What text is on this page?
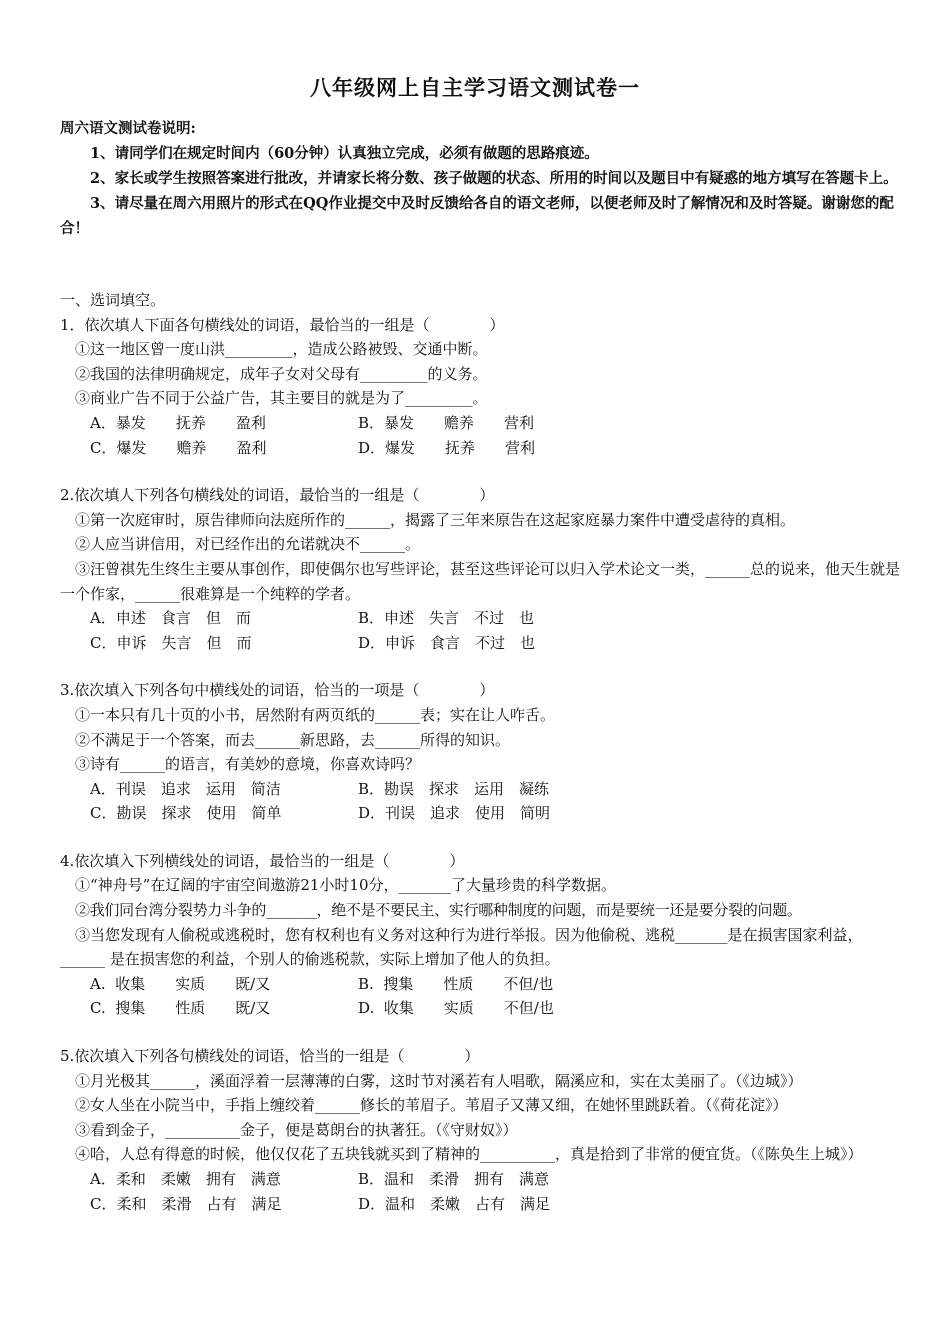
八年级网上自主学习语文测试卷一

周六语文测试卷说明:

1、请同学们在规定时间内（60分钟）认真独立完成，必须有做题的思路痕迹。

2、家长或学生按照答案进行批改，并请家长将分数、孩子做题的状态、所用的时间以及题目中有疑惑的地方填写在答题卡上。

3、请尽量在周六用照片的形式在QQ作业提交中及时反馈给各自的语文老师，以便老师及时了解情况和及时答疑。谢谢您的配合！

一、选词填空。

1．依次填人下面各句横线处的词语，最恰当的一组是（　　　　）

①这一地区曾一度山洪_________，造成公路被毁、交通中断。

②我国的法律明确规定，成年子女对父母有_________的义务。

③商业广告不同于公益广告，其主要目的就是为了_________。

A．暴发　　抚养　　盈利	B．暴发　　赡养　　营利
C．爆发　　赡养　　盈利	D．爆发　　抚养　　营利

2.依次填人下列各句横线处的词语，最恰当的一组是（　　　　）

①第一次庭审时，原告律师向法庭所作的______，揭露了三年来原告在这起家庭暴力案件中遭受虐待的真相。

②人应当讲信用，对已经作出的允诺就决不______。

③汪曾祺先生终生主要从事创作，即使偶尔也写些评论，甚至这些评论可以归入学术论文一类，______总的说来，他天生就是一个作家，______很难算是一个纯粹的学者。

A．申述　食言　但　而	B．申述　失言　不过　也
C．申诉　失言　但　而	D．申诉　食言　不过　也

3.依次填入下列各句中横线处的词语，恰当的一项是（　　　　）

①一本只有几十页的小书，居然附有两页纸的______表；实在让人咋舌。

②不满足于一个答案，而去______新思路，去______所得的知识。

③诗有______的语言，有美妙的意境，你喜欢诗吗？

A．刊误　追求　运用　简洁	B．勘误　探求　运用　凝练
C．勘误　探求　使用　简单	D．刊误　追求　使用　简明

4.依次填入下列横线处的词语，最恰当的一组是（　　　　）

①“神舟号”在辽阔的宇宙空间遨游21小时10分，_______了大量珍贵的科学数据。

②我们同台湾分裂势力斗争的_______，绝不是不要民主、实行哪种制度的问题，而是要统一还是要分裂的问题。

③当您发现有人偷税或逃税时，您有权利也有义务对这种行为进行举报。因为他偷税、逃税_______是在损害国家利益，______ 是在损害您的利益，个别人的偷逃税款，实际上增加了他人的负担。

A.  收集　　实质　　既/又	B.  搜集　　性质　　不但/也
C.  搜集　　性质　　既/又	D.  收集　　实质　　不但/也

5.依次填入下列各句横线处的词语，恰当的一组是（　　　　）

①月光极其______，溪面浮着一层薄薄的白雾，这时节对溪若有人唱歌，隔溪应和，实在太美丽了。（《边城》）

②女人坐在小院当中，手指上缠绞着______修长的苇眉子。苇眉子又薄又细，在她怀里跳跃着。（《荷花淀》）

③看到金子，__________金子，便是葛朗台的执著狂。（《守财奴》）

④哈，人总有得意的时候，他仅仅花了五块钱就买到了精神的__________，真是拾到了非常的便宜货。（《陈奂生上城》）

A．柔和　柔嫩　拥有　满意	B．温和　柔滑　拥有　满意
C．柔和　柔滑　占有　满足	D．温和　柔嫩　占有　满足
